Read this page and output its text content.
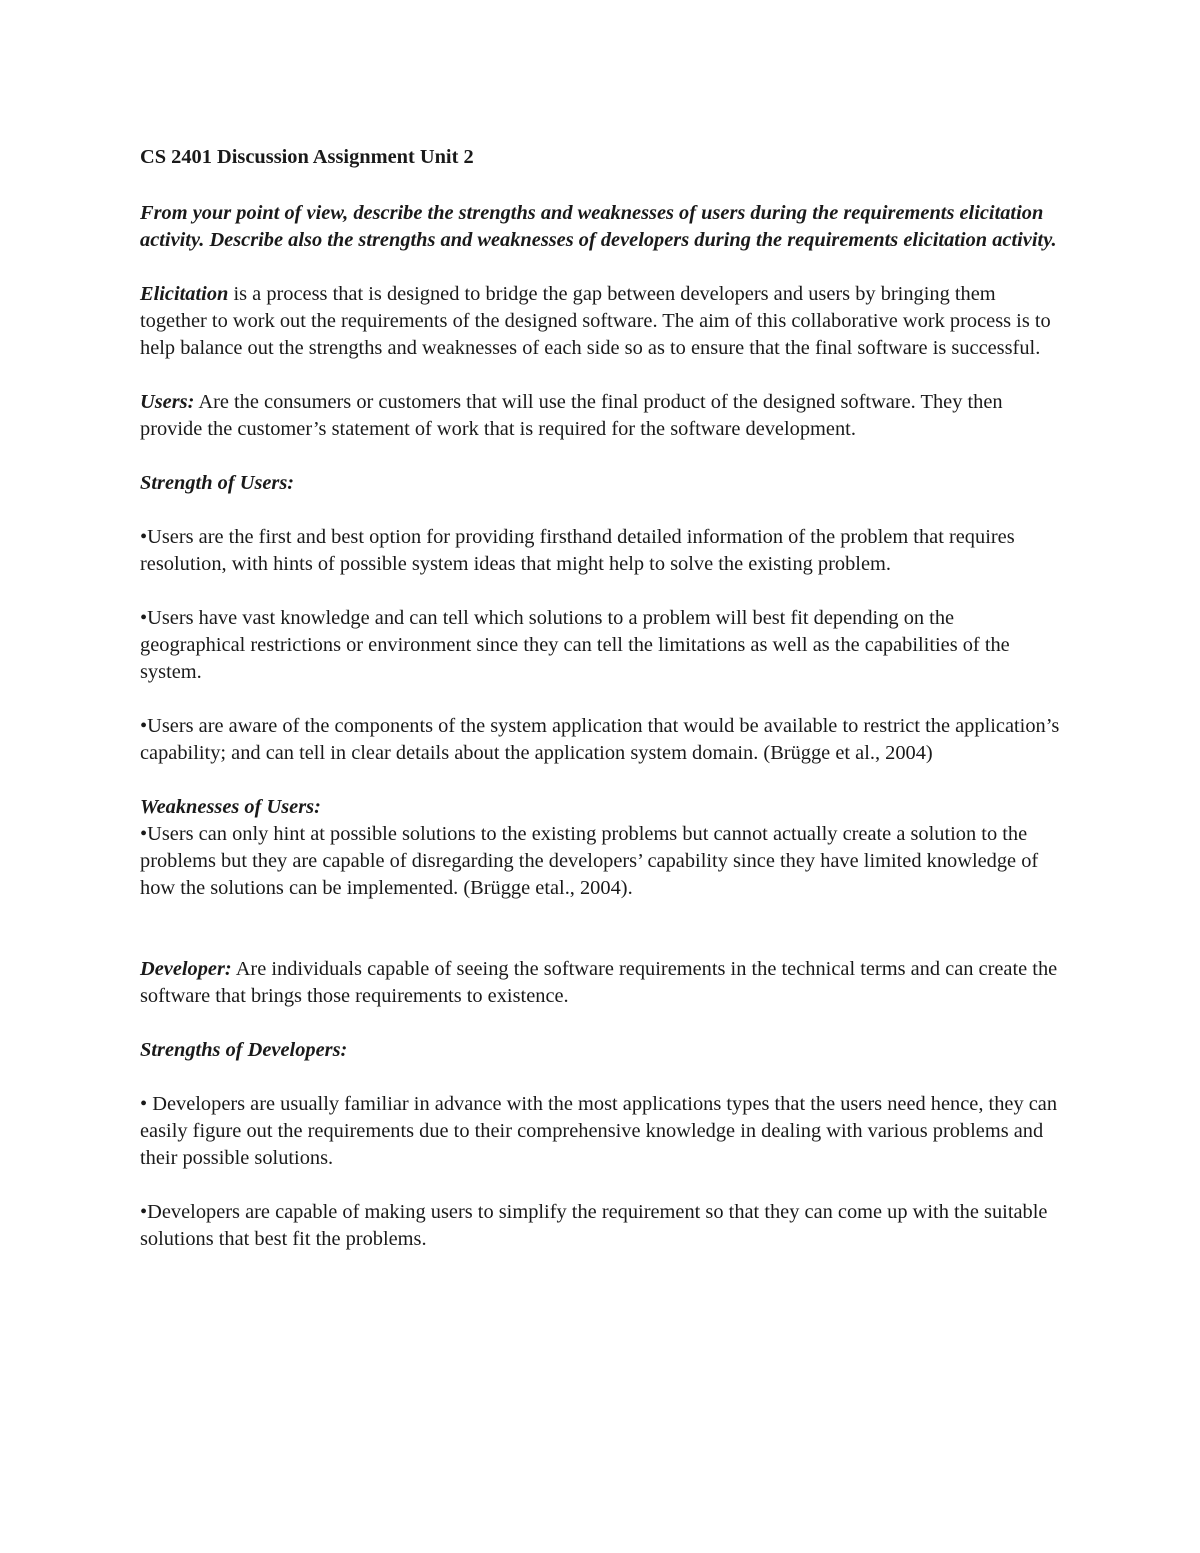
CS 2401 Discussion Assignment Unit 2

From your point of view, describe the strengths and weaknesses of users during the requirements elicitation activity. Describe also the strengths and weaknesses of developers during the requirements elicitation activity.

Elicitation is a process that is designed to bridge the gap between developers and users by bringing them together to work out the requirements of the designed software. The aim of this collaborative work process is to help balance out the strengths and weaknesses of each side so as to ensure that the final software is successful.

Users: Are the consumers or customers that will use the final product of the designed software. They then provide the customer’s statement of work that is required for the software development.

Strength of Users:

•Users are the first and best option for providing firsthand detailed information of the problem that requires resolution, with hints of possible system ideas that might help to solve the existing problem.

•Users have vast knowledge and can tell which solutions to a problem will best fit depending on the geographical restrictions or environment since they can tell the limitations as well as the capabilities of the system.

•Users are aware of the components of the system application that would be available to restrict the application’s capability; and can tell in clear details about the application system domain. (Brügge et al., 2004)

Weaknesses of Users:

•Users can only hint at possible solutions to the existing problems but cannot actually create a solution to the problems but they are capable of disregarding the developers’ capability since they have limited knowledge of how the solutions can be implemented. (Brügge etal., 2004).

Developer: Are individuals capable of seeing the software requirements in the technical terms and can create the software that brings those requirements to existence.

Strengths of Developers:

• Developers are usually familiar in advance with the most applications types that the users need hence, they can easily figure out the requirements due to their comprehensive knowledge in dealing with various problems and their possible solutions.

•Developers are capable of making users to simplify the requirement so that they can come up with the suitable solutions that best fit the problems.
